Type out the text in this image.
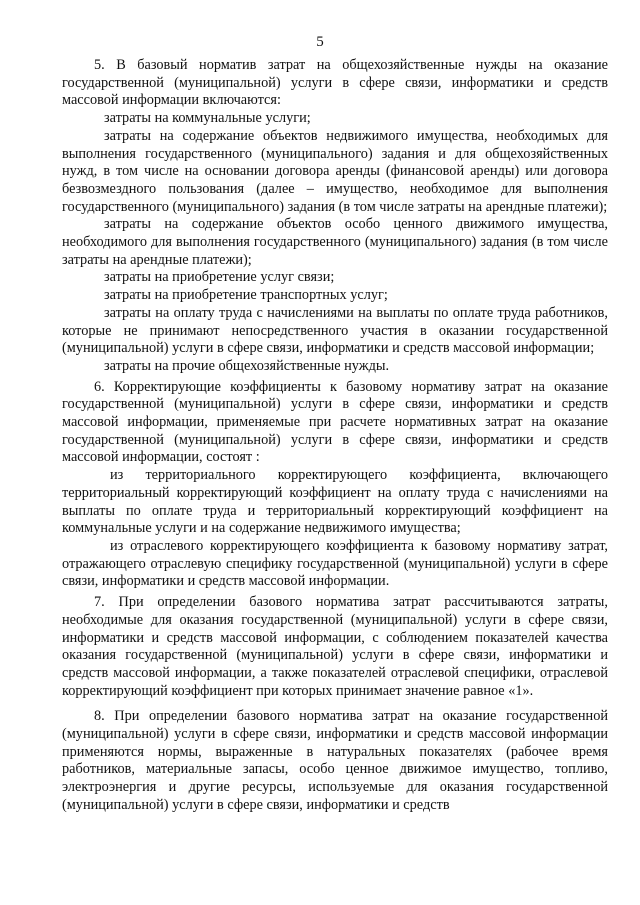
5

5. В базовый норматив затрат на общехозяйственные нужды на оказание государственной (муниципальной) услуги в сфере связи, информатики и средств массовой информации включаются:

затраты на коммунальные услуги;

затраты на содержание объектов недвижимого имущества, необходимых для выполнения государственного (муниципального) задания и для общехозяйственных нужд, в том числе на основании договора аренды (финансовой аренды) или договора безвозмездного пользования (далее – имущество, необходимое для выполнения государственного (муниципального) задания (в том числе затраты на арендные платежи);

затраты на содержание объектов особо ценного движимого имущества, необходимого для выполнения государственного (муниципального) задания (в том числе затраты на арендные платежи);

затраты на приобретение услуг связи;

затраты на приобретение транспортных услуг;

затраты на оплату труда с начислениями на выплаты по оплате труда работников, которые не принимают непосредственного участия в оказании государственной (муниципальной) услуги в сфере связи, информатики и средств массовой информации;

затраты на прочие общехозяйственные нужды.

6. Корректирующие коэффициенты к базовому нормативу затрат на оказание государственной (муниципальной) услуги в сфере связи, информатики и средств массовой информации, применяемые при расчете нормативных затрат на оказание государственной (муниципальной) услуги в сфере связи, информатики и средств массовой информации, состоят :

из территориального корректирующего коэффициента, включающего территориальный корректирующий коэффициент на оплату труда с начислениями на выплаты по оплате труда и территориальный корректирующий коэффициент на коммунальные услуги и на содержание недвижимого имущества;

из отраслевого корректирующего коэффициента к базовому нормативу затрат, отражающего отраслевую специфику государственной (муниципальной) услуги в сфере связи, информатики и средств массовой информации.

7. При определении базового норматива затрат рассчитываются затраты, необходимые для оказания государственной (муниципальной) услуги в сфере связи, информатики и средств массовой информации, с соблюдением показателей качества оказания государственной (муниципальной) услуги в сфере связи, информатики и средств массовой информации, а также показателей отраслевой специфики, отраслевой корректирующий коэффициент при которых принимает значение равное «1».

8. При определении базового норматива затрат на оказание государственной (муниципальной) услуги в сфере связи, информатики и средств массовой информации применяются нормы, выраженные в натуральных показателях (рабочее время работников, материальные запасы, особо ценное движимое имущество, топливо, электроэнергия и другие ресурсы, используемые для оказания государственной (муниципальной) услуги в сфере связи, информатики и средств
